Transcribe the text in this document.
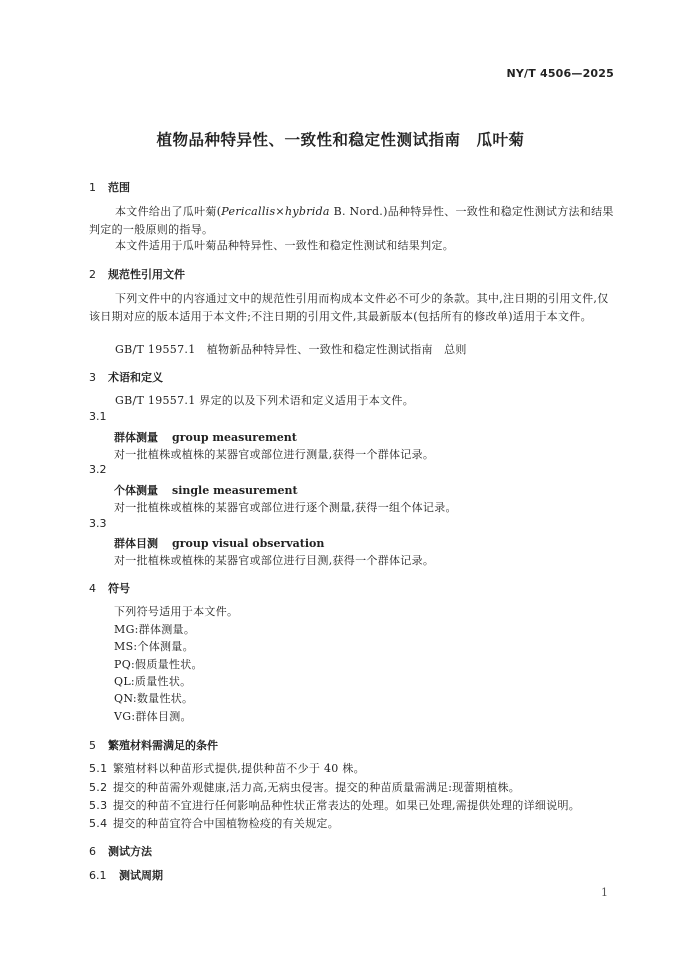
NY/T 4506—2025
植物品种特异性、一致性和稳定性测试指南　瓜叶菊
1 范围
本文件给出了瓜叶菊(Pericallis×hybrida B. Nord.)品种特异性、一致性和稳定性测试方法和结果判定的一般原则的指导。
本文件适用于瓜叶菊品种特异性、一致性和稳定性测试和结果判定。
2 规范性引用文件
下列文件中的内容通过文中的规范性引用而构成本文件必不可少的条款。其中,注日期的引用文件,仅该日期对应的版本适用于本文件;不注日期的引用文件,其最新版本(包括所有的修改单)适用于本文件。
GB/T 19557.1　植物新品种特异性、一致性和稳定性测试指南　总则
3 术语和定义
GB/T 19557.1 界定的以及下列术语和定义适用于本文件。
3.1
群体测量 group measurement
对一批植株或植株的某器官或部位进行测量,获得一个群体记录。
3.2
个体测量 single measurement
对一批植株或植株的某器官或部位进行逐个测量,获得一组个体记录。
3.3
群体目测 group visual observation
对一批植株或植株的某器官或部位进行目测,获得一个群体记录。
4 符号
下列符号适用于本文件。
MG:群体测量。
MS:个体测量。
PQ:假质量性状。
QL:质量性状。
QN:数量性状。
VG:群体目测。
5 繁殖材料需满足的条件
5.1 繁殖材料以种苗形式提供,提供种苗不少于 40 株。
5.2 提交的种苗需外观健康,活力高,无病虫侵害。提交的种苗质量需满足:现蕾期植株。
5.3 提交的种苗不宜进行任何影响品种性状正常表达的处理。如果已处理,需提供处理的详细说明。
5.4 提交的种苗宜符合中国植物检疫的有关规定。
6 测试方法
6.1 测试周期
1
